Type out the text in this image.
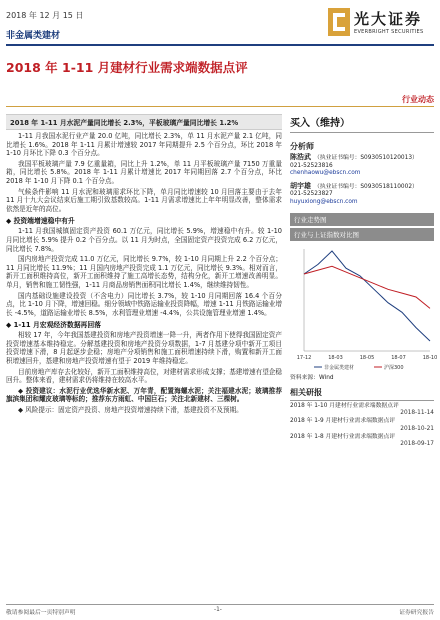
2018 年 12 月 15 日
非金属类建材
光大证券
EVERBRIGHT SECURITIES
2018 年 1-11 月建材行业需求端数据点评
行业动态
2018 年 1-11 月水泥产量同比增长 2.3%，平板玻璃产量同比增长 1.2%
1-11 月我国水泥行业产量 20.0 亿吨，同比增长 2.3%，单 11 月水泥产量 2.1 亿吨，同比增长 1.6%。2018 年 1-11 月累计增速较 2017 年同期提升 2.5 个百分点，环比 2018 年 1-10 月环比下降 0.3 个百分点。
我国平板玻璃产量 7.9 亿重量箱，同比上升 1.2%，单 11 月平板玻璃产量 7150 万重量箱，同比增长 5.8%。2018 年 1-11 月累计增速比 2017 年同期回落 2.7 个百分点，环比 2018 年 1-10 月下降 0.1 个百分点。
气候条件影响 11 月水泥和玻璃需求环比下降，单月同比增速较 10 月回落主要由于去年 11 月十九大会议结束后施工期引致基数较高。1-11 月需求增速比上年年明显改善，整体需求依然是近年的高位。
◆ 投资端增速稳中有升
1-11 月我国城镇固定资产投资 60.1 万亿元，同比增长 5.9%，增速稳中有升。较 1-10 月同比增长 5.9% 提升 0.2 个百分点。以 11 月为时点，全国固定资产投资完成 6.2 万亿元，同比增长 7.8%。
国内房地产投资完成 11.0 万亿元，同比增长 9.7%，较 1-10 月同期上升 2.2 个百分点；11 月同比增长 11.9%；11 月国内房地产投资完成 1.1 万亿元，同比增长 9.3%。相对而言，新开工面积维持高位，新开工面积维持了施工高增长态势，结构分化，新开工增速改善明显。单月，销售和施工韧性强，1-11 月商品房销售面积同比增长 1.4%，继续维持韧性。
国内基础设施建设投资（不含电力）同比增长 3.7%，较 1-10 月同期回落 16.4 个百分点，比 1-10 月下降，增速回稳。细分领域中铁路运输业投资降幅，增速 1-11 月铁路运输业增长 -4.5%，道路运输业增长 8.5%，水利管理业增速 -4.4%，公共设施管理业增速 1.4%。
◆ 1-11 月宏观经济数据再回落
相较 17 年，今年我国基建投资和房地产投资增速一降一升，两者作用下使得我国固定资产投资增速基本维持稳定。分解基建投资和房地产投资分项数据，1-7 月基建分项中新开工项目投资增速下滑，8 月起逐步企稳；房地产分项销售和施工面积增速持续下滑，购置和新开工面积增速回升，基建和房地产投资增速有望于 2019 年维持稳定。
目前房地产库存去化较好，新开工面积维持高位，对建材需求形成支撑；基建增速有望企稳回升。整体来看，建材需求仍将维持在较高水平。
◆ 投资建议：水泥行业优选华新水泥、万年青，配置海螺水泥；关注福建水泥；玻璃推荐旗滨集团和耀皮玻璃等标的；推荐东方雨虹、中国巨石；关注北新建材、三棵树。
◆ 风险提示：固定资产投资、房地产投资增速持续下滑，基建投资不及预期。
买入（维持）
分析师
陈浩武 （执业证书编号：S0930510120013）
021-52523816
chenhaowu@ebscn.com
胡宇雄 （执业证书编号：S0930518110002）
021-52523827
huyuxiong@ebscn.com
行业走势图
行业与上证指数对比图
17-12	18-03	18-05	18-07	18-10
非金属类建材	沪深300
资料来源：Wind
相关研报
2018 年 1-10 月建材行业需求端数据点评
2018-11-14
2018 年 1-9 月建材行业需求端数据点评
2018-10-21
2018 年 1-8 月建材行业需求端数据点评
2018-09-17
敬请参阅最后一页特别声明	-1-	证券研究报告
